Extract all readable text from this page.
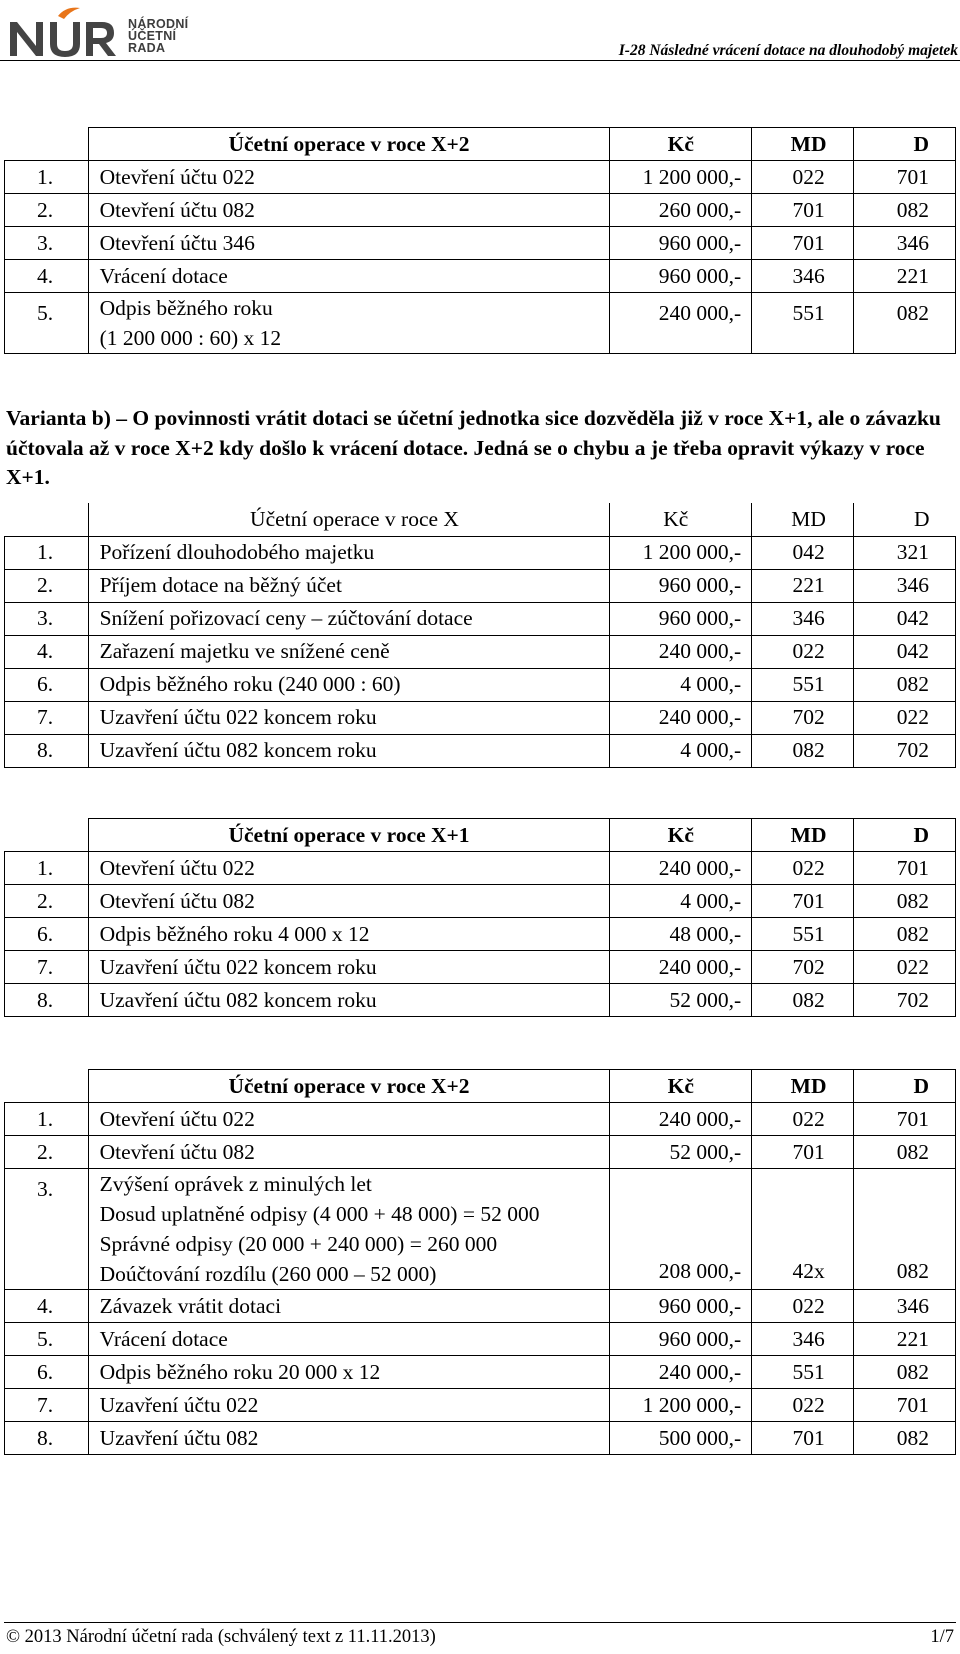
NÁRODNÍ
ÚČETNÍ
RADA	I-28 Následné vrácení dotace na dlouhodobý majetek
	Účetní operace v roce X+2	Kč	MD	D
1.	Otevření účtu 022	1 200 000,-	022	701
2.	Otevření účtu 082	260 000,-	701	082
3.	Otevření účtu 346	960 000,-	701	346
4.	Vrácení dotace	960 000,-	346	221
5.	Odpis běžného roku
(1 200 000 : 60) x 12	240 000,-	551	082
Varianta b) – O povinnosti vrátit dotaci se účetní jednotka sice dozvěděla již v roce X+1, ale o závazku účtovala až v roce X+2 kdy došlo k vrácení dotace. Jedná se o chybu a je třeba opravit výkazy v roce X+1.
	Účetní operace v roce X	Kč	MD	D
1.	Pořízení dlouhodobého majetku	1 200 000,-	042	321
2.	Příjem dotace na běžný účet	960 000,-	221	346
3.	Snížení pořizovací ceny – zúčtování dotace	960 000,-	346	042
4.	Zařazení majetku ve snížené ceně	240 000,-	022	042
6.	Odpis běžného roku (240 000 : 60)	4 000,-	551	082
7.	Uzavření účtu 022 koncem roku	240 000,-	702	022
8.	Uzavření účtu 082 koncem roku	4 000,-	082	702
	Účetní operace v roce X+1	Kč	MD	D
1.	Otevření účtu 022	240 000,-	022	701
2.	Otevření účtu 082	4 000,-	701	082
6.	Odpis běžného roku 4 000 x 12	48 000,-	551	082
7.	Uzavření účtu 022 koncem roku	240 000,-	702	022
8.	Uzavření účtu 082 koncem roku	52 000,-	082	702
	Účetní operace v roce X+2	Kč	MD	D
1.	Otevření účtu 022	240 000,-	022	701
2.	Otevření účtu 082	52 000,-	701	082
3.	Zvýšení oprávek z minulých let
Dosud uplatněné odpisy (4 000 + 48 000) = 52 000
Správné odpisy (20 000 + 240 000) = 260 000
Doúčtování rozdílu (260 000 – 52 000)	208 000,-	42x	082
4.	Závazek vrátit dotaci	960 000,-	022	346
5.	Vrácení dotace	960 000,-	346	221
6.	Odpis běžného roku 20 000 x 12	240 000,-	551	082
7.	Uzavření účtu 022	1 200 000,-	022	701
8.	Uzavření účtu 082	500 000,-	701	082
© 2013 Národní účetní rada (schválený text z 11.11.2013)	1/7
